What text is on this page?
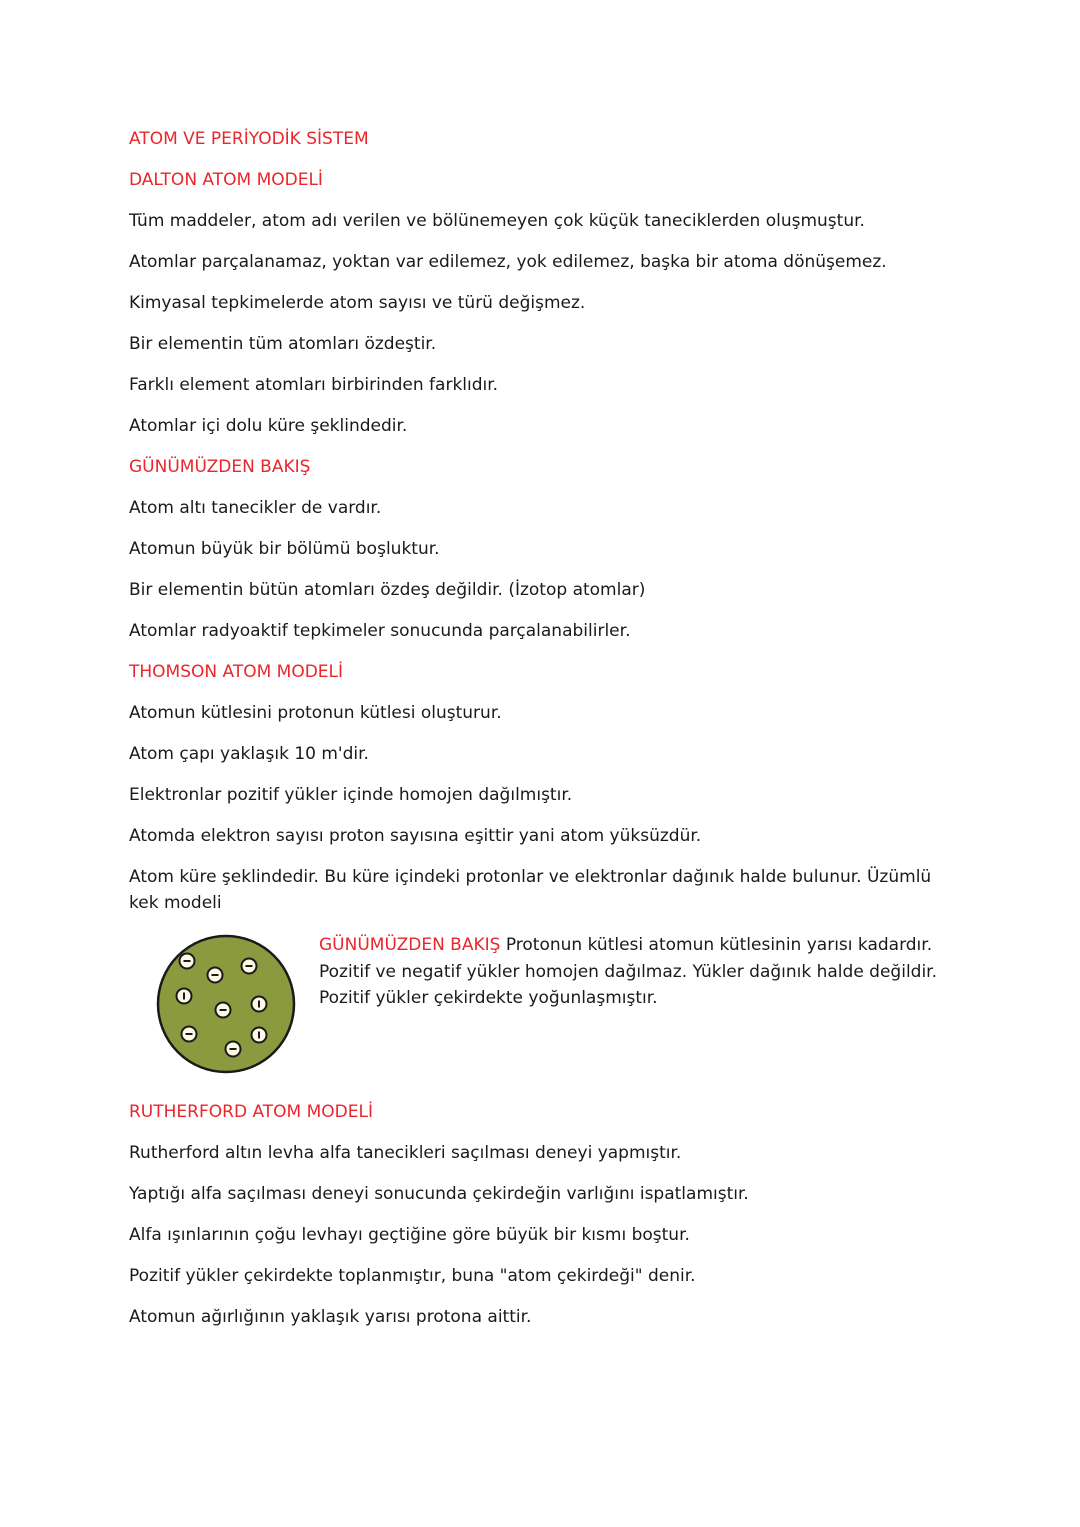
ATOM VE PERİYODİK SİSTEM
DALTON ATOM MODELİ
Tüm maddeler, atom adı verilen ve bölünemeyen çok küçük taneciklerden oluşmuştur.
Atomlar parçalanamaz, yoktan var edilemez, yok edilemez, başka bir atoma dönüşemez.
Kimyasal tepkimelerde atom sayısı ve türü değişmez.
Bir elementin tüm atomları özdeştir.
Farklı element atomları birbirinden farklıdır.
Atomlar içi dolu küre şeklindedir.
GÜNÜMÜZDEN BAKIŞ
Atom altı tanecikler de vardır.
Atomun büyük bir bölümü boşluktur.
Bir elementin bütün atomları özdeş değildir. (İzotop atomlar)
Atomlar radyoaktif tepkimeler sonucunda parçalanabilirler.
THOMSON ATOM MODELİ
Atomun kütlesini protonun kütlesi oluşturur.
Atom çapı yaklaşık 10 m'dir.
Elektronlar pozitif yükler içinde homojen dağılmıştır.
Atomda elektron sayısı proton sayısına eşittir yani atom yüksüzdür.
Atom küre şeklindedir. Bu küre içindeki protonlar ve elektronlar dağınık halde bulunur. Üzümlü kek modeli
GÜNÜMÜZDEN BAKIŞ Protonun kütlesi atomun kütlesinin yarısı kadardır.
Pozitif ve negatif yükler homojen dağılmaz. Yükler dağınık halde değildir.
Pozitif yükler çekirdekte yoğunlaşmıştır.
RUTHERFORD ATOM MODELİ
Rutherford altın levha alfa tanecikleri saçılması deneyi yapmıştır.
Yaptığı alfa saçılması deneyi sonucunda çekirdeğin varlığını ispatlamıştır.
Alfa ışınlarının çoğu levhayı geçtiğine göre büyük bir kısmı boştur.
Pozitif yükler çekirdekte toplanmıştır, buna "atom çekirdeği" denir.
Atomun ağırlığının yaklaşık yarısı protona aittir.
